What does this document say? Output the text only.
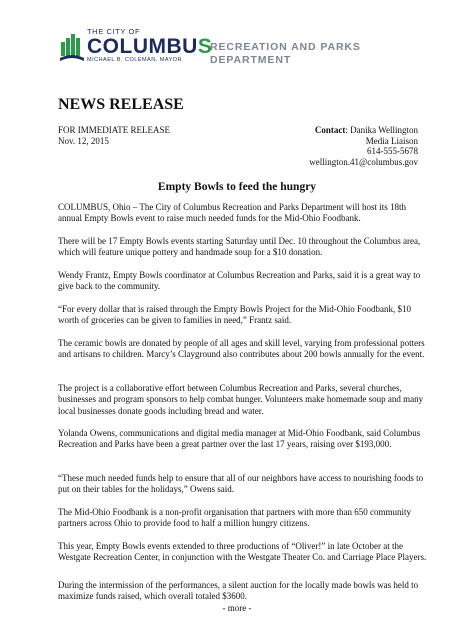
THE CITY OF
COLUMBUS
MICHAEL B. COLEMAN, MAYOR
RECREATION AND PARKS
DEPARTMENT
NEWS RELEASE
FOR IMMEDIATE RELEASE
Nov. 12, 2015
Contact: Danika Wellington
Media Liaison
614-555-5678
wellington.41@columbus.gov
Empty Bowls to feed the hungry

COLUMBUS, Ohio – The City of Columbus Recreation and Parks Department will host its 18th annual Empty Bowls event to raise much needed funds for the Mid-Ohio Foodbank.

There will be 17 Empty Bowls events starting Saturday until Dec. 10 throughout the Columbus area, which will feature unique pottery and handmade soup for a $10 donation.

Wendy Frantz, Empty Bowls coordinator at Columbus Recreation and Parks, said it is a great way to give back to the community.

“For every dollar that is raised through the Empty Bowls Project for the Mid-Ohio Foodbank, $10 worth of groceries can be given to families in need,” Frantz said.

The ceramic bowls are donated by people of all ages and skill level, varying from professional potters and artisans to children. Marcy’s Clayground also contributes about 200 bowls annually for the event.

The project is a collaborative effort between Columbus Recreation and Parks, several churches, businesses and program sponsors to help combat hunger. Volunteers make homemade soup and many local businesses donate goods including bread and water.

Yolanda Owens, communications and digital media manager at Mid-Ohio Foodbank, said Columbus Recreation and Parks have been a great partner over the last 17 years, raising over $193,000.

“These much needed funds help to ensure that all of our neighbors have access to nourishing foods to put on their tables for the holidays,” Owens said.

The Mid-Ohio Foodbank is a non-profit organisation that partners with more than 650 community partners across Ohio to provide food to half a million hungry citizens.

This year, Empty Bowls events extended to three productions of “Oliver!” in late October at the Westgate Recreation Center, in conjunction with the Westgate Theater Co. and Carriage Place Players.

During the intermission of the performances, a silent auction for the locally made bowls was held to maximize funds raised, which overall totaled $3600.

- more -
